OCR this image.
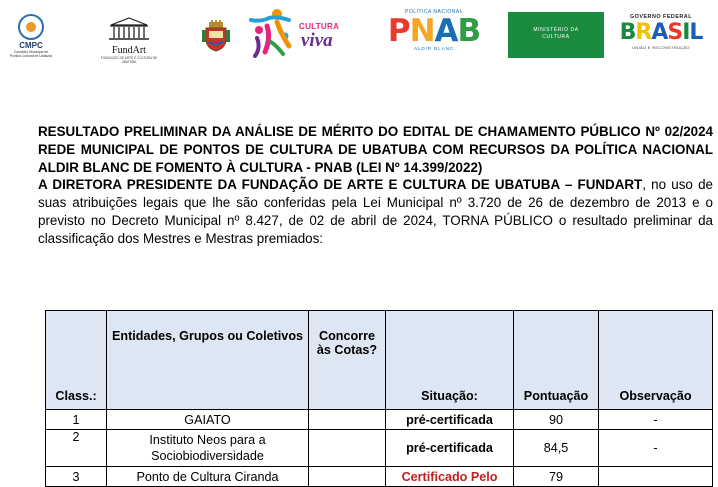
CMPC
Conselho Municipal de Política Cultural de Ubatuba	FundArt
FUNDAÇÃO DE ARTE E CULTURA DE UBATUBA
CULTURA
viva
POLÍTICA NACIONAL
PNAB
ALDIR BLANC
MINISTÉRIO DA
CULTURA
GOVERNO FEDERAL
BRASIL
UNIÃO E RECONSTRUÇÃO

RESULTADO PRELIMINAR DA ANÁLISE DE MÉRITO DO EDITAL DE CHAMAMENTO PÚBLICO Nº 02/2024 REDE MUNICIPAL DE PONTOS DE CULTURA DE UBATUBA COM RECURSOS DA POLÍTICA NACIONAL ALDIR BLANC DE FOMENTO À CULTURA - PNAB (LEI Nº 14.399/2022)

A DIRETORA PRESIDENTE DA FUNDAÇÃO DE ARTE E CULTURA DE UBATUBA – FUNDART, no uso de suas atribuições legais que lhe são conferidas pela Lei Municipal nº 3.720 de 26 de dezembro de 2013 e o previsto no Decreto Municipal nº 8.427, de 02 de abril de 2024, TORNA PÚBLICO o resultado preliminar da classificação dos Mestres e Mestras premiados:

Class.:	Entidades, Grupos ou Coletivos	Concorre às Cotas?	Situação:	Pontuação	Observação
1	GAIATO		pré-certificada	90	-
2	Instituto Neos para a Sociobiodiversidade		pré-certificada	84,5	-
3	Ponto de Cultura Ciranda		Certificado Pelo	79	
